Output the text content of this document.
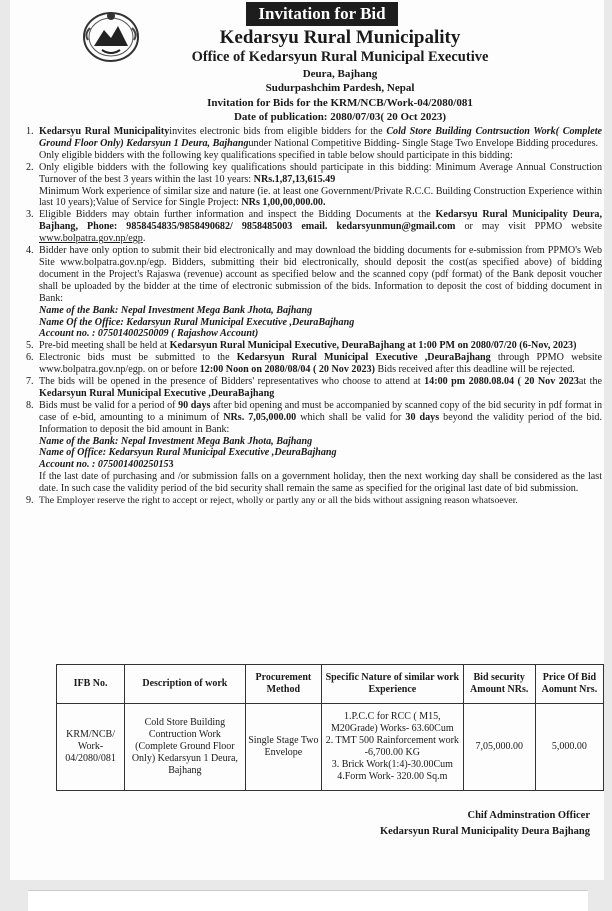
Invitation for Bid
Kedarsyu Rural Municipality
Office of Kedarsyun Rural Municipal Executive
Deura, Bajhang
Sudurpashchim Pardesh, Nepal
Invitation for Bids for the KRM/NCB/Work-04/2080/081
Date of publication: 2080/07/03( 20 Oct 2023)
1. Kedarsyu Rural Municipalityinvites electronic bids from eligible bidders for the Cold Store Building Contrsuction Work( Complete Ground Floor Only) Kedarsyun 1 Deura, Bajhangunder National Competitive Bidding- Single Stage Two Envelope Bidding procedures.

Only eligible bidders with the following key qualifications specified in table below should participate in this bidding:

2. Only eligible bidders with the following key qualifications should participate in this bidding: Minimum Average Annual Construction Turnover of the best 3 years within the last 10 years: NRs.1,87,13,615.49

Minimum Work experience of similar size and nature (ie. at least one Government/Private R.C.C. Building Construction Experience within last 10 years);Value of Service for Single Project: NRs 1,00,00,000.00.

3. Eligible Bidders may obtain further information and inspect the Bidding Documents at the Kedarsyu Rural Municipality Deura, Bajhang, Phone: 9858454835/9858490682/ 9858485003 email. kedarsyunmun@gmail.com or may visit PPMO website www.bolpatra.gov.np/egp.

4. Bidder have only option to submit their bid electronically and may download the bidding documents for e-submission from PPMO's Web Site www.bolpatra.gov.np/egp. Bidders, submitting their bid electronically, should deposit the cost(as specified above) of bidding document in the Project's Rajaswa (revenue) account as specified below and the scanned copy (pdf format) of the Bank deposit voucher shall be uploaded by the bidder at the time of electronic submission of the bids. Information to deposit the cost of bidding document in Bank:

Name of the Bank: Nepal Investment Mega Bank Jhota, Bajhang

Name Of the Office: Kedarsyun Rural Municipal Executive ,DeuraBajhang

Account no. : 07501400250009 ( Rajashow Account)

5. Pre-bid meeting shall be held at Kedarsyun Rural Municipal Executive, DeuraBajhang at 1:00 PM on 2080/07/20 (6-Nov, 2023)

6. Electronic bids must be submitted to the Kedarsyun Rural Municipal Executive ,DeuraBajhang through PPMO website www.bolpatra.gov.np/egp. on or before 12:00 Noon on 2080/08/04 ( 20 Nov 2023) Bids received after this deadline will be rejected.

7. The bids will be opened in the presence of Bidders' representatives who choose to attend at 14:00 pm 2080.08.04 ( 20 Nov 2023at the Kedarsyun Rural Municipal Executive ,DeuraBajhang

8. Bids must be valid for a period of 90 days after bid opening and must be accompanied by scanned copy of the bid security in pdf format in case of e-bid, amounting to a minimum of NRs. 7,05,000.00 which shall be valid for 30 days beyond the validity period of the bid. Information to deposit the bid amount in Bank:

Name of the Bank: Nepal Investment Mega Bank Jhota, Bajhang

Name of Office: Kedarsyun Rural Municipal Executive ,DeuraBajhang

Account no. : 075001400250153

If the last date of purchasing and /or submission falls on a government holiday, then the next working day shall be considered as the last date. In such case the validity period of the bid security shall remain the same as specified for the original last date of bid submission.

9. The Employer reserve the right to accept or reject, wholly or partly any or all the bids without assigning reason whatsoever.

IFB No.	Description of work	Procurement Method	Specific Nature of similar work Experience	Bid security Amount NRs.	Price Of Bid Aomunt Nrs.
KRM/NCB/ Work-04/2080/081	Cold Store Building Contruction Work (Complete Ground Floor Only) Kedarsyun 1 Deura, Bajhang	Single Stage Two Envelope	1.P.C.C for RCC ( M15, M20Grade) Works- 63.60Cum
2. TMT 500 Rainforcement work -6,700.00 KG
3. Brick Work(1:4)-30.00Cum
4.Form Work- 320.00 Sq.m	7,05,000.00	5,000.00
Chif Adminstration Officer
Kedarsyun Rural Municipality Deura Bajhang
